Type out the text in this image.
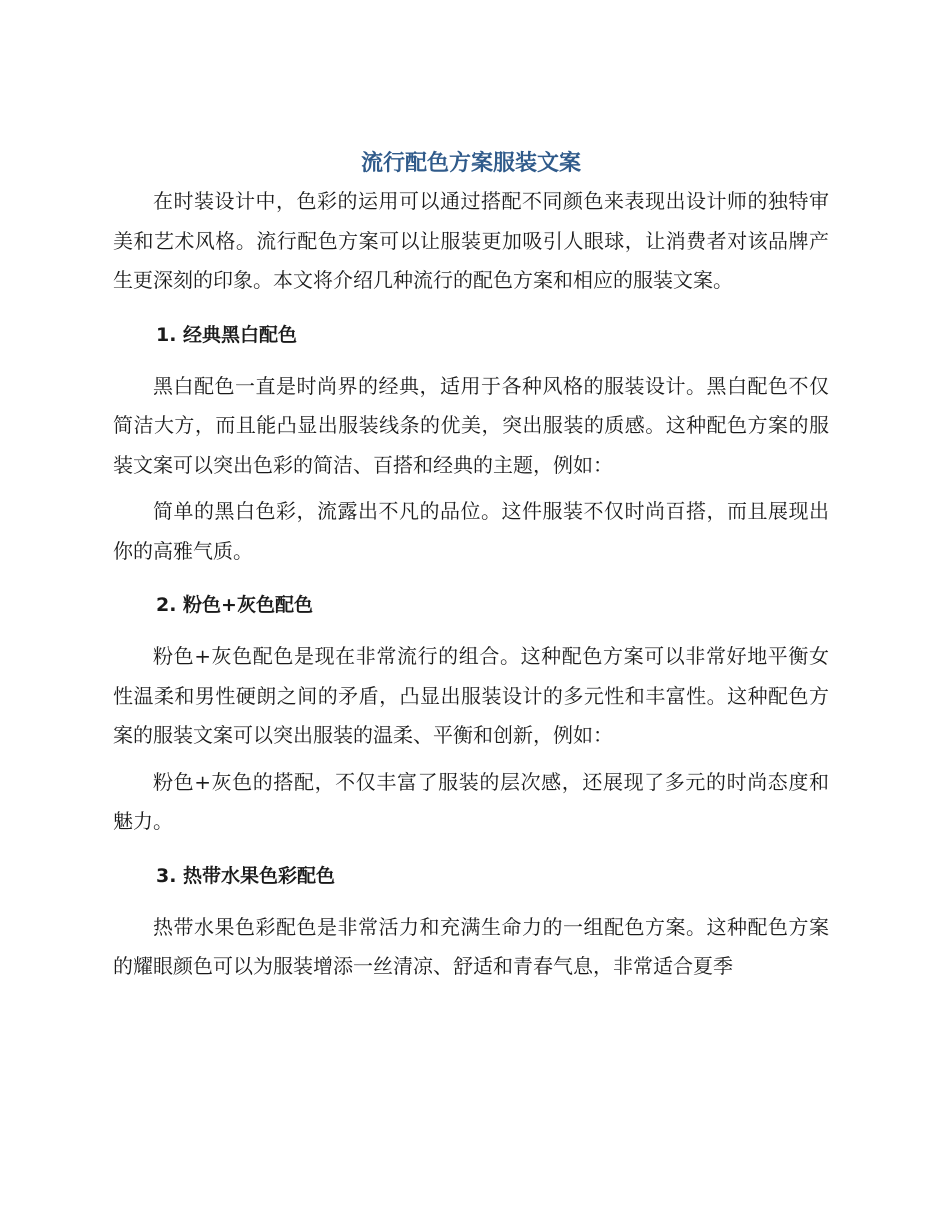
流行配色方案服装文案

在时装设计中，色彩的运用可以通过搭配不同颜色来表现出设计师的独特审美和艺术风格。流行配色方案可以让服装更加吸引人眼球，让消费者对该品牌产生更深刻的印象。本文将介绍几种流行的配色方案和相应的服装文案。

1. 经典黑白配色

黑白配色一直是时尚界的经典，适用于各种风格的服装设计。黑白配色不仅简洁大方，而且能凸显出服装线条的优美，突出服装的质感。这种配色方案的服装文案可以突出色彩的简洁、百搭和经典的主题，例如：

简单的黑白色彩，流露出不凡的品位。这件服装不仅时尚百搭，而且展现出你的高雅气质。

2. 粉色+灰色配色

粉色+灰色配色是现在非常流行的组合。这种配色方案可以非常好地平衡女性温柔和男性硬朗之间的矛盾，凸显出服装设计的多元性和丰富性。这种配色方案的服装文案可以突出服装的温柔、平衡和创新，例如：

粉色+灰色的搭配，不仅丰富了服装的层次感，还展现了多元的时尚态度和魅力。

3. 热带水果色彩配色

热带水果色彩配色是非常活力和充满生命力的一组配色方案。这种配色方案的耀眼颜色可以为服装增添一丝清凉、舒适和青春气息，非常适合夏季
